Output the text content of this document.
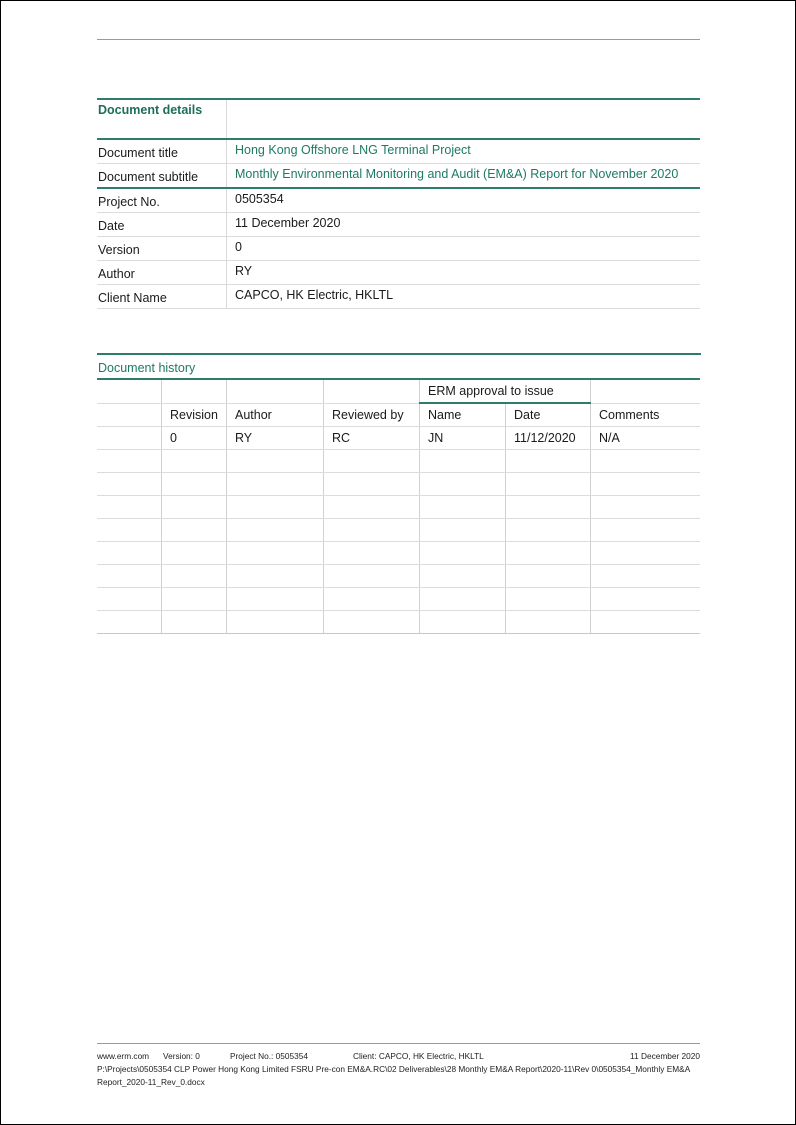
Document details	
Document title	Hong Kong Offshore LNG Terminal Project
Document subtitle	Monthly Environmental Monitoring and Audit (EM&A) Report for November 2020
Project No.	0505354
Date	11 December 2020
Version	0
Author	RY
Client Name	CAPCO, HK Electric, HKLTL
Document history
				ERM approval to issue		
	Revision	Author	Reviewed by	Name	Date	Comments
	0	RY	RC	JN	11/12/2020	N/A

www.erm.com Version: 0	Project No.: 0505354	Client: CAPCO, HK Electric, HKLTL	11 December 2020
P:\Projects\0505354 CLP Power Hong Kong Limited FSRU Pre-con EM&A.RC\02 Deliverables\28 Monthly EM&A Report\2020-11\Rev 0\0505354_Monthly EM&A Report_2020-11_Rev_0.docx
